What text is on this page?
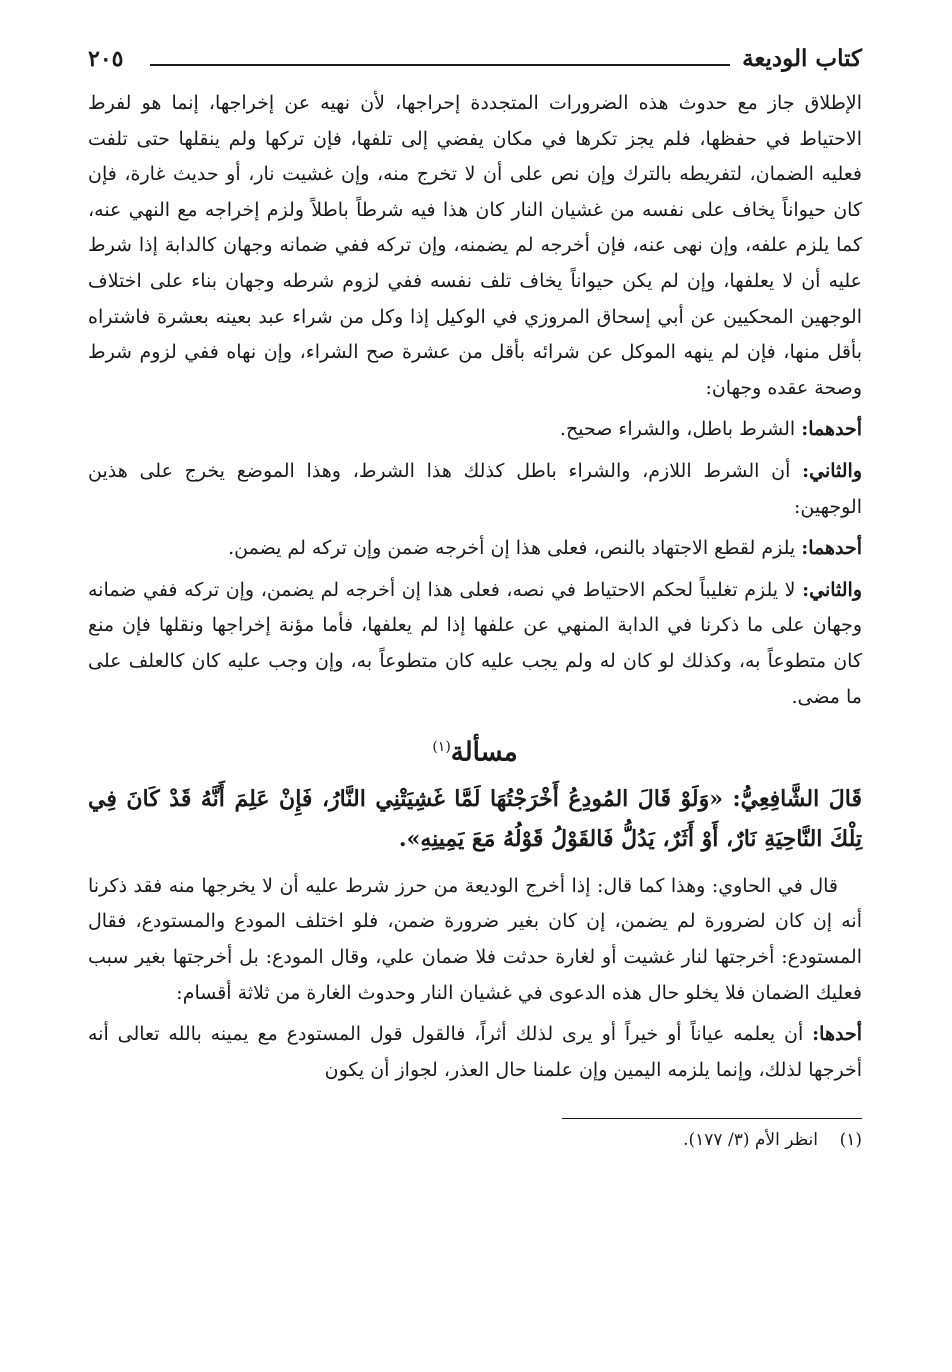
كتاب الوديعة
٢٠٥

الإطلاق جاز مع حدوث هذه الضرورات المتجددة إحراجها، لأن نهيه عن إخراجها، إنما هو لفرط الاحتياط في حفظها، فلم يجز تكرها في مكان يفضي إلى تلفها، فإن تركها ولم ينقلها حتى تلفت فعليه الضمان، لتفريطه بالترك وإن نص على أن لا تخرج منه، وإن غشيت نار، أو حديث غارة، فإن كان حيواناً يخاف على نفسه من غشيان النار كان هذا فيه شرطاً باطلاً ولزم إخراجه مع النهي عنه، كما يلزم علفه، وإن نهى عنه، فإن أخرجه لم يضمنه، وإن تركه ففي ضمانه وجهان كالدابة إذا شرط عليه أن لا يعلفها، وإن لم يكن حيواناً يخاف تلف نفسه ففي لزوم شرطه وجهان بناء على اختلاف الوجهين المحكيين عن أبي إسحاق المروزي في الوكيل إذا وكل من شراء عبد بعينه بعشرة فاشتراه بأقل منها، فإن لم ينهه الموكل عن شرائه بأقل من عشرة صح الشراء، وإن نهاه ففي لزوم شرط وصحة عقده وجهان:

أحدهما: الشرط باطل، والشراء صحيح.

والثاني: أن الشرط اللازم، والشراء باطل كذلك هذا الشرط، وهذا الموضع يخرج على هذين الوجهين:

أحدهما: يلزم لقطع الاجتهاد بالنص، فعلى هذا إن أخرجه ضمن وإن تركه لم يضمن.

والثاني: لا يلزم تغليباً لحكم الاحتياط في نصه، فعلى هذا إن أخرجه لم يضمن، وإن تركه ففي ضمانه وجهان على ما ذكرنا في الدابة المنهي عن علفها إذا لم يعلفها، فأما مؤنة إخراجها ونقلها فإن منع كان متطوعاً به، وكذلك لو كان له ولم يجب عليه كان متطوعاً به، وإن وجب عليه كان كالعلف على ما مضى.

مسألة$^{(١)}$

قَالَ الشَّافِعِيُّ: «وَلَوْ قَالَ المُودِعُ أَخْرَجْتُهَا لَمَّا غَشِيَتْنِي النَّارُ، فَإِنْ عَلِمَ أَنَّهُ قَدْ كَانَ فِي تِلْكَ النَّاحِيَةِ نَارٌ، أَوْ أَثَرٌ، يَدُلُّ فَالقَوْلُ قَوْلُهُ مَعَ يَمِينِهِ».

قال في الحاوي: وهذا كما قال: إذا أخرج الوديعة من حرز شرط عليه أن لا يخرجها منه فقد ذكرنا أنه إن كان لضرورة لم يضمن، إن كان بغير ضرورة ضمن، فلو اختلف المودع والمستودع، فقال المستودع: أخرجتها لنار غشيت أو لغارة حدثت فلا ضمان علي، وقال المودع: بل أخرجتها بغير سبب فعليك الضمان فلا يخلو حال هذه الدعوى في غشيان النار وحدوث الغارة من ثلاثة أقسام:

أحدها: أن يعلمه عياناً أو خيراً أو يرى لذلك أثراً، فالقول قول المستودع مع يمينه بالله تعالى أنه أخرجها لذلك، وإنما يلزمه اليمين وإن علمنا حال العذر، لجواز أن يكون

(١)انظر الأم (٣/ ١٧٧).
